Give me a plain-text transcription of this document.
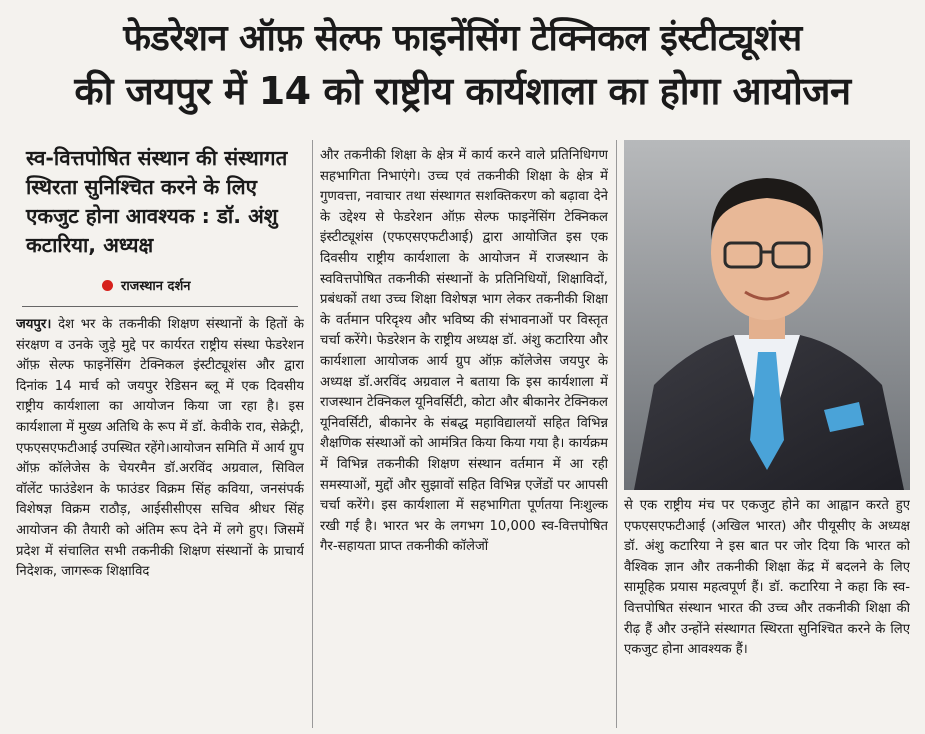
फेडरेशन ऑफ़ सेल्फ फाइनेंसिंग टेक्निकल इंस्टीट्यूशंस
की जयपुर में 14 को राष्ट्रीय कार्यशाला का होगा आयोजन
स्व-वित्तपोषित संस्थान की संस्थागत स्थिरता सुनिश्चित करने के लिए एकजुट होना आवश्यक : डॉ. अंशु कटारिया, अध्यक्ष
राजस्थान दर्शन

जयपुर। देश भर के तकनीकी शिक्षण संस्थानों के हितों के संरक्षण व उनके जुड़े मुद्दे पर कार्यरत राष्ट्रीय संस्था फेडरेशन ऑफ़ सेल्फ फाइनेंसिंग टेक्निकल इंस्टीट्यूशंस और द्वारा दिनांक 14 मार्च को जयपुर रेडिसन ब्लू में एक दिवसीय राष्ट्रीय कार्यशाला का आयोजन किया जा रहा है। इस कार्यशाला में मुख्य अतिथि के रूप में डॉ. केवीके राव, सेक्रेट्री, एफएसएफटीआई उपस्थित रहेंगे।आयोजन समिति में आर्य ग्रुप ऑफ़ कॉलेजेस के चेयरमैन डॉ.अरविंद अग्रवाल, सिविल वॉलेंट फाउंडेशन के फाउंडर विक्रम सिंह कविया, जनसंपर्क विशेषज्ञ विक्रम राठौड़, आईसीसीएस सचिव श्रीधर सिंह आयोजन की तैयारी को अंतिम रूप देने में लगे हुए। जिसमें प्रदेश में संचालित सभी तकनीकी शिक्षण संस्थानों के प्राचार्य निदेशक, जागरूक शिक्षाविद

और तकनीकी शिक्षा के क्षेत्र में कार्य करने वाले प्रतिनिधिगण सहभागिता निभाएंगे। उच्च एवं तकनीकी शिक्षा के क्षेत्र में गुणवत्ता, नवाचार तथा संस्थागत सशक्तिकरण को बढ़ावा देने के उद्देश्य से फेडरेशन ऑफ़ सेल्फ फाइनेंसिंग टेक्निकल इंस्टीट्यूशंस (एफएसएफटीआई) द्वारा आयोजित इस एक दिवसीय राष्ट्रीय कार्यशाला के आयोजन में राजस्थान के स्ववित्तपोषित तकनीकी संस्थानों के प्रतिनिधियों, शिक्षाविदों, प्रबंधकों तथा उच्च शिक्षा विशेषज्ञ भाग लेकर तकनीकी शिक्षा के वर्तमान परिदृश्य और भविष्य की संभावनाओं पर विस्तृत चर्चा करेंगे। फेडरेशन के राष्ट्रीय अध्यक्ष डॉ. अंशु कटारिया और कार्यशाला आयोजक आर्य ग्रुप ऑफ़ कॉलेजेस जयपुर के अध्यक्ष डॉ.अरविंद अग्रवाल ने बताया कि इस कार्यशाला में राजस्थान टेक्निकल यूनिवर्सिटी, कोटा और बीकानेर टेक्निकल यूनिवर्सिटी, बीकानेर के संबद्ध महाविद्यालयों सहित विभिन्न शैक्षणिक संस्थाओं को आमंत्रित किया किया गया है। कार्यक्रम में विभिन्न तकनीकी शिक्षण संस्थान वर्तमान में आ रही समस्याओं, मुद्दों और सुझावों सहित विभिन्न एजेंडों पर आपसी चर्चा करेंगे। इस कार्यशाला में सहभागिता पूर्णतया निःशुल्क रखी गई है। भारत भर के लगभग 10,000 स्व-वित्तपोषित गैर-सहायता प्राप्त तकनीकी कॉलेजों

से एक राष्ट्रीय मंच पर एकजुट होने का आह्वान करते हुए एफएसएफटीआई (अखिल भारत) और पीयूसीए के अध्यक्ष डॉ. अंशु कटारिया ने इस बात पर जोर दिया कि भारत को वैश्विक ज्ञान और तकनीकी शिक्षा केंद्र में बदलने के लिए सामूहिक प्रयास महत्वपूर्ण हैं। डॉ. कटारिया ने कहा कि स्व-वित्तपोषित संस्थान भारत की उच्च और तकनीकी शिक्षा की रीढ़ हैं और उन्होंने संस्थागत स्थिरता सुनिश्चित करने के लिए एकजुट होना आवश्यक हैं।
